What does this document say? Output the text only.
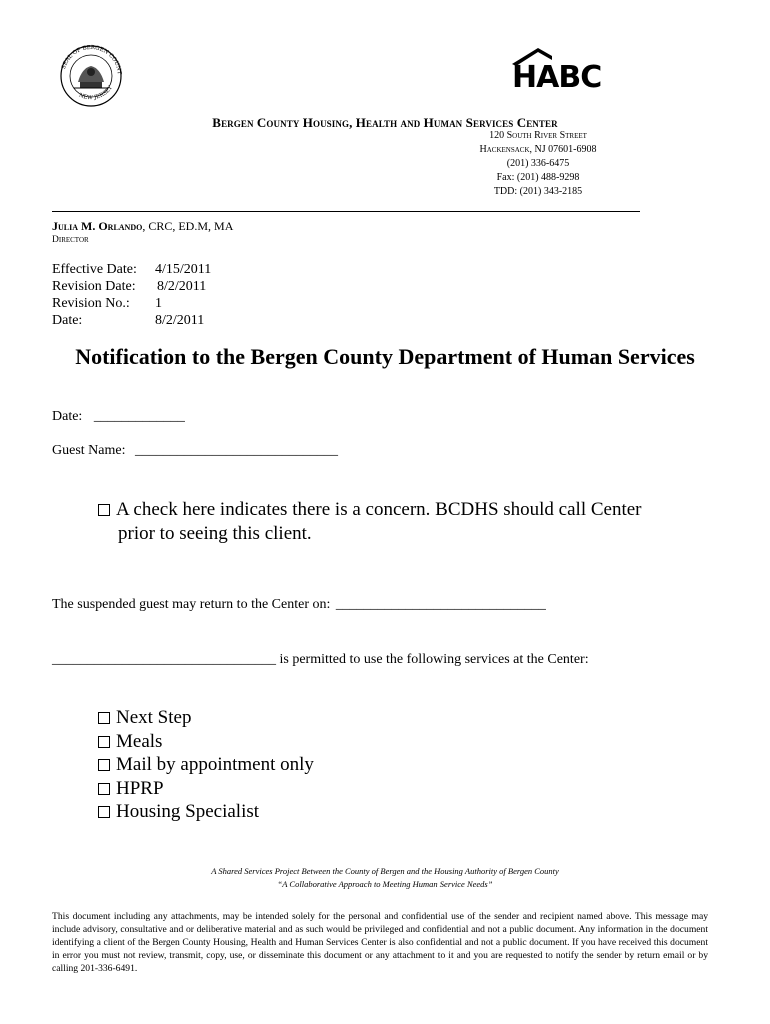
SEAL OF BERGEN COUNT
NEW JERSEY	HABC
Bergen County Housing, Health and Human Services Center
120 South River Street
Hackensack, NJ 07601-6908
(201) 336-6475
Fax: (201) 488-9298
TDD: (201) 343-2185
Julia M. Orlando, CRC, ED.M, MA
Director
Effective Date: 4/15/2011
Revision Date: 8/2/2011
Revision No.: 1
Date:	8/2/2011
Notification to the Bergen County Department of Human Services
Date: _____________
Guest Name: _____________________________
A check here indicates there is a concern. BCDHS should call Center
prior to seeing this client.
The suspended guest may return to the Center on: ______________________________
________________________________ is permitted to use the following services at the Center:
Next Step
Meals
Mail by appointment only
HPRP
Housing Specialist
A Shared Services Project Between the County of Bergen and the Housing Authority of Bergen County
“A Collaborative Approach to Meeting Human Service Needs”
This document including any attachments, may be intended solely for the personal and confidential use of the sender and recipient named above. This message may include advisory, consultative and or deliberative material and as such would be privileged and confidential and not a public document. Any information in the document identifying a client of the Bergen County Housing, Health and Human Services Center is also confidential and not a public document. If you have received this document in error you must not review, transmit, copy, use, or disseminate this document or any attachment to it and you are requested to notify the sender by return email or by calling 201-336-6491.
